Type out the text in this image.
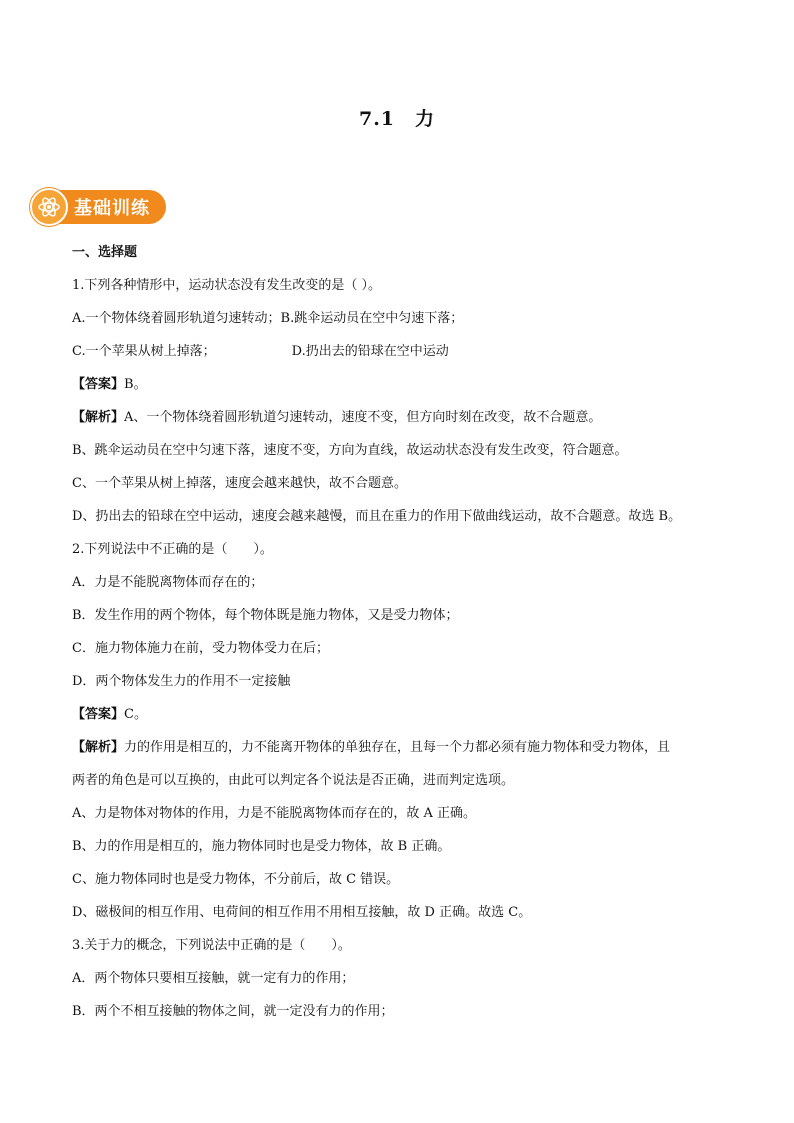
7.1　力
基础训练
一、选择题
1.下列各种情形中，运动状态没有发生改变的是（ ）。
A.一个物体绕着圆形轨道匀速转动；B.跳伞运动员在空中匀速下落；
C.一个苹果从树上掉落；	D.扔出去的铅球在空中运动
【答案】B。
【解析】A、一个物体绕着圆形轨道匀速转动，速度不变，但方向时刻在改变，故不合题意。
B、跳伞运动员在空中匀速下落，速度不变，方向为直线，故运动状态没有发生改变，符合题意。
C、一个苹果从树上掉落，速度会越来越快，故不合题意。
D、扔出去的铅球在空中运动，速度会越来越慢，而且在重力的作用下做曲线运动，故不合题意。故选 B。
2.下列说法中不正确的是（　　）。
A．力是不能脱离物体而存在的；
B．发生作用的两个物体，每个物体既是施力物体，又是受力物体；
C．施力物体施力在前，受力物体受力在后；
D．两个物体发生力的作用不一定接触
【答案】C。
【解析】力的作用是相互的，力不能离开物体的单独存在，且每一个力都必须有施力物体和受力物体，且
两者的角色是可以互换的，由此可以判定各个说法是否正确，进而判定选项。
A、力是物体对物体的作用，力是不能脱离物体而存在的，故 A 正确。
B、力的作用是相互的，施力物体同时也是受力物体，故 B 正确。
C、施力物体同时也是受力物体，不分前后，故 C 错误。
D、磁极间的相互作用、电荷间的相互作用不用相互接触，故 D 正确。故选 C。
3.关于力的概念，下列说法中正确的是（　　）。
A．两个物体只要相互接触，就一定有力的作用；
B．两个不相互接触的物体之间，就一定没有力的作用；
